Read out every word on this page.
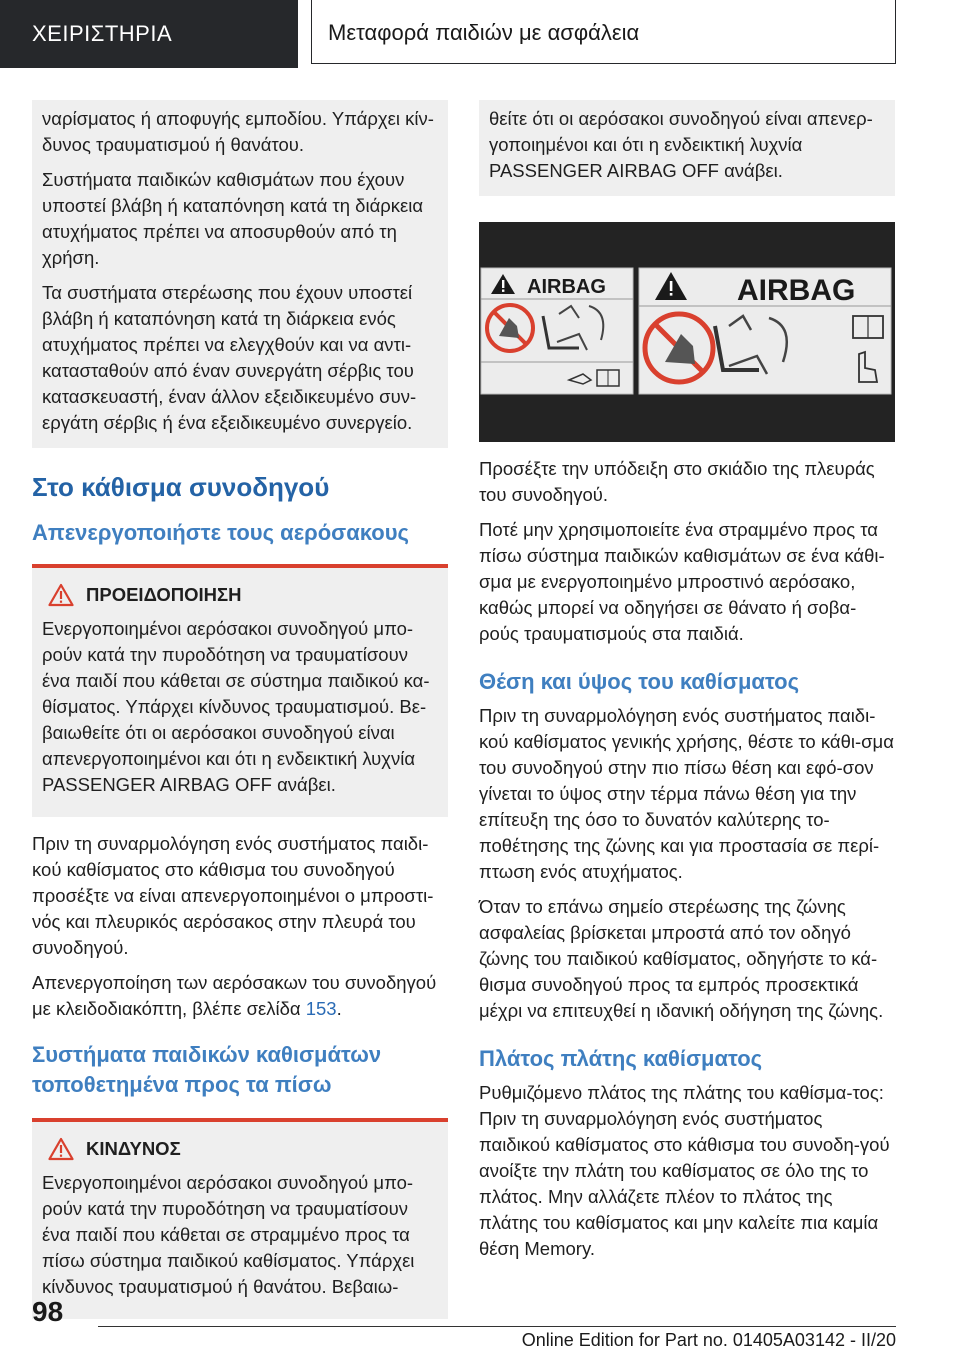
ΧΕΙΡΙΣΤΗΡΙΑ	Μεταφορά παιδιών με ασφάλεια

ναρίσματος ή αποφυγής εμποδίου. Υπάρχει κίν-δυνος τραυματισμού ή θανάτου.

Συστήματα παιδικών καθισμάτων που έχουν υποστεί βλάβη ή καταπόνηση κατά τη διάρκεια ατυχήματος πρέπει να αποσυρθούν από τη χρήση.

Τα συστήματα στερέωσης που έχουν υποστεί βλάβη ή καταπόνηση κατά τη διάρκεια ενός ατυχήματος πρέπει να ελεγχθούν και να αντι-κατασταθούν από έναν συνεργάτη σέρβις του κατασκευαστή, έναν άλλον εξειδικευμένο συν-εργάτη σέρβις ή ένα εξειδικευμένο συνεργείο.

Στο κάθισμα συνοδηγού
Απενεργοποιήστε τους αερόσακους
ΠΡΟΕΙΔΟΠΟΙΗΣΗ

Ενεργοποιημένοι αερόσακοι συνοδηγού μπο-ρούν κατά την πυροδότηση να τραυματίσουν ένα παιδί που κάθεται σε σύστημα παιδικού κα-θίσματος. Υπάρχει κίνδυνος τραυματισμού. Βε-βαιωθείτε ότι οι αερόσακοι συνοδηγού είναι απενεργοποιημένοι και ότι η ενδεικτική λυχνία PASSENGER AIRBAG OFF ανάβει.

Πριν τη συναρμολόγηση ενός συστήματος παιδι-κού καθίσματος στο κάθισμα του συνοδηγού προσέξτε να είναι απενεργοποιημένοι ο μπροστι-νός και πλευρικός αερόσακος στην πλευρά του συνοδηγού.

Απενεργοποίηση των αερόσακων του συνοδηγού με κλειδοδιακόπτη, βλέπε σελίδα 153.

Συστήματα παιδικών καθισμάτων τοποθετημένα προς τα πίσω
ΚΙΝΔΥΝΟΣ

Ενεργοποιημένοι αερόσακοι συνοδηγού μπο-ρούν κατά την πυροδότηση να τραυματίσουν ένα παιδί που κάθεται σε στραμμένο προς τα πίσω σύστημα παιδικού καθίσματος. Υπάρχει κίνδυνος τραυματισμού ή θανάτου. Βεβαιω-

θείτε ότι οι αερόσακοι συνοδηγού είναι απενερ-γοποιημένοι και ότι η ενδεικτική λυχνία PASSENGER AIRBAG OFF ανάβει.

AIRBAG	AIRBAG

Προσέξτε την υπόδειξη στο σκιάδιο της πλευράς του συνοδηγού.

Ποτέ μην χρησιμοποιείτε ένα στραμμένο προς τα πίσω σύστημα παιδικών καθισμάτων σε ένα κάθι-σμα με ενεργοποιημένο μπροστινό αερόσακο, καθώς μπορεί να οδηγήσει σε θάνατο ή σοβα-ρούς τραυματισμούς στα παιδιά.

Θέση και ύψος του καθίσματος

Πριν τη συναρμολόγηση ενός συστήματος παιδι-κού καθίσματος γενικής χρήσης, θέστε το κάθι-σμα του συνοδηγού στην πιο πίσω θέση και εφό-σον γίνεται το ύψος στην τέρμα πάνω θέση για την επίτευξη της όσο το δυνατόν καλύτερης το-ποθέτησης της ζώνης και για προστασία σε περί-πτωση ενός ατυχήματος.

Όταν το επάνω σημείο στερέωσης της ζώνης ασφαλείας βρίσκεται μπροστά από τον οδηγό ζώνης του παιδικού καθίσματος, οδηγήστε το κά-θισμα συνοδηγού προς τα εμπρός προσεκτικά μέχρι να επιτευχθεί η ιδανική οδήγηση της ζώνης.

Πλάτος πλάτης καθίσματος

Ρυθμιζόμενο πλάτος της πλάτης του καθίσμα-τος: Πριν τη συναρμολόγηση ενός συστήματος παιδικού καθίσματος στο κάθισμα του συνοδη-γού ανοίξτε την πλάτη του καθίσματος σε όλο της το πλάτος. Μην αλλάζετε πλέον το πλάτος της πλάτης του καθίσματος και μην καλείτε πια καμία θέση Memory.

98
Online Edition for Part no. 01405A03142 - II/20
